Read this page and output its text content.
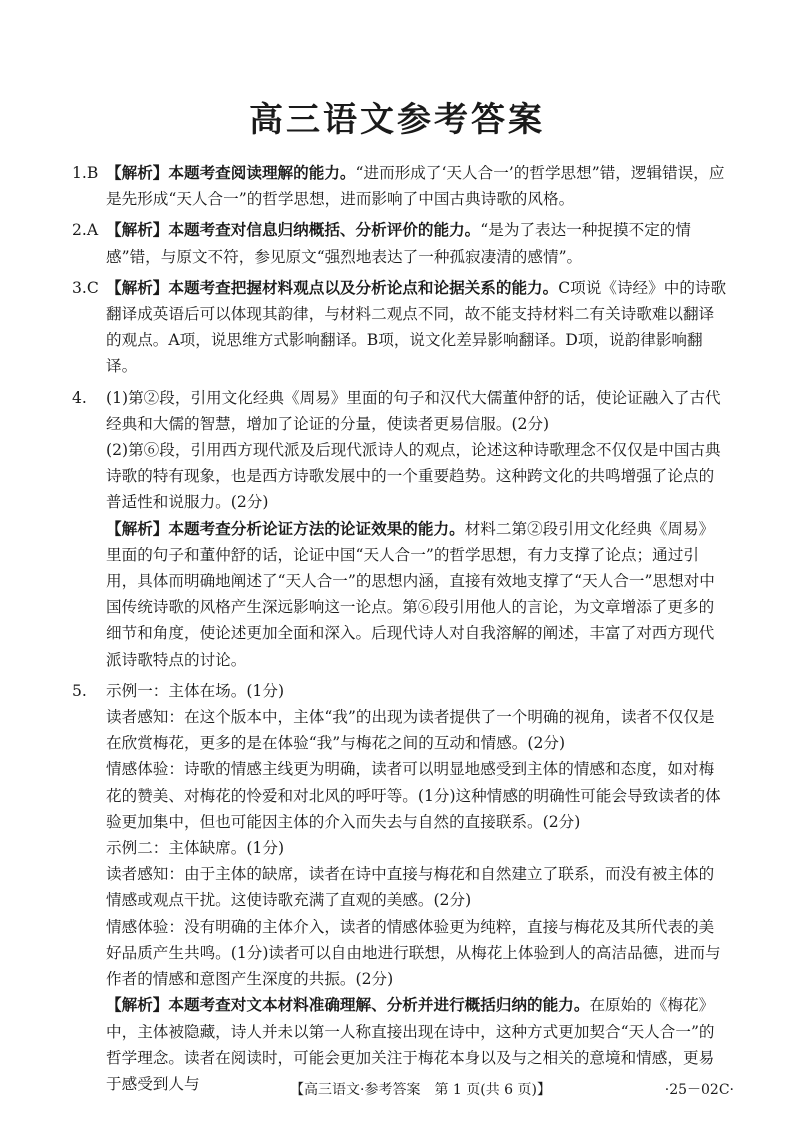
高三语文参考答案
1.B 【解析】本题考查阅读理解的能力。“进而形成了‘天人合一’的哲学思想”错，逻辑错误，应是先形成“天人合一”的哲学思想，进而影响了中国古典诗歌的风格。
2.A 【解析】本题考查对信息归纳概括、分析评价的能力。“是为了表达一种捉摸不定的情感”错，与原文不符，参见原文“强烈地表达了一种孤寂凄清的感情”。
3.C 【解析】本题考查把握材料观点以及分析论点和论据关系的能力。C项说《诗经》中的诗歌翻译成英语后可以体现其韵律，与材料二观点不同，故不能支持材料二有关诗歌难以翻译的观点。A项，说思维方式影响翻译。B项，说文化差异影响翻译。D项，说韵律影响翻译。
4. (1)第②段，引用文化经典《周易》里面的句子和汉代大儒董仲舒的话，使论证融入了古代经典和大儒的智慧，增加了论证的分量，使读者更易信服。(2分)
(2)第⑥段，引用西方现代派及后现代派诗人的观点，论述这种诗歌理念不仅仅是中国古典诗歌的特有现象，也是西方诗歌发展中的一个重要趋势。这种跨文化的共鸣增强了论点的普适性和说服力。(2分)
【解析】本题考查分析论证方法的论证效果的能力。材料二第②段引用文化经典《周易》里面的句子和董仲舒的话，论证中国“天人合一”的哲学思想，有力支撑了论点；通过引用，具体而明确地阐述了“天人合一”的思想内涵，直接有效地支撑了“天人合一”思想对中国传统诗歌的风格产生深远影响这一论点。第⑥段引用他人的言论，为文章增添了更多的细节和角度，使论述更加全面和深入。后现代诗人对自我溶解的阐述，丰富了对西方现代派诗歌特点的讨论。
5. 示例一：主体在场。(1分)
读者感知：在这个版本中，主体“我”的出现为读者提供了一个明确的视角，读者不仅仅是在欣赏梅花，更多的是在体验“我”与梅花之间的互动和情感。(2分)
情感体验：诗歌的情感主线更为明确，读者可以明显地感受到主体的情感和态度，如对梅花的赞美、对梅花的怜爱和对北风的呼吁等。(1分)这种情感的明确性可能会导致读者的体验更加集中，但也可能因主体的介入而失去与自然的直接联系。(2分)
示例二：主体缺席。(1分)
读者感知：由于主体的缺席，读者在诗中直接与梅花和自然建立了联系，而没有被主体的情感或观点干扰。这使诗歌充满了直观的美感。(2分)
情感体验：没有明确的主体介入，读者的情感体验更为纯粹，直接与梅花及其所代表的美好品质产生共鸣。(1分)读者可以自由地进行联想，从梅花上体验到人的高洁品德，进而与作者的情感和意图产生深度的共振。(2分)
【解析】本题考查对文本材料准确理解、分析并进行概括归纳的能力。在原始的《梅花》中，主体被隐藏，诗人并未以第一人称直接出现在诗中，这种方式更加契合“天人合一”的哲学理念。读者在阅读时，可能会更加关注于梅花本身以及与之相关的意境和情感，更易于感受到人与	【高三语文·参考答案　第 1 页(共 6 页)】	·25－02C·
